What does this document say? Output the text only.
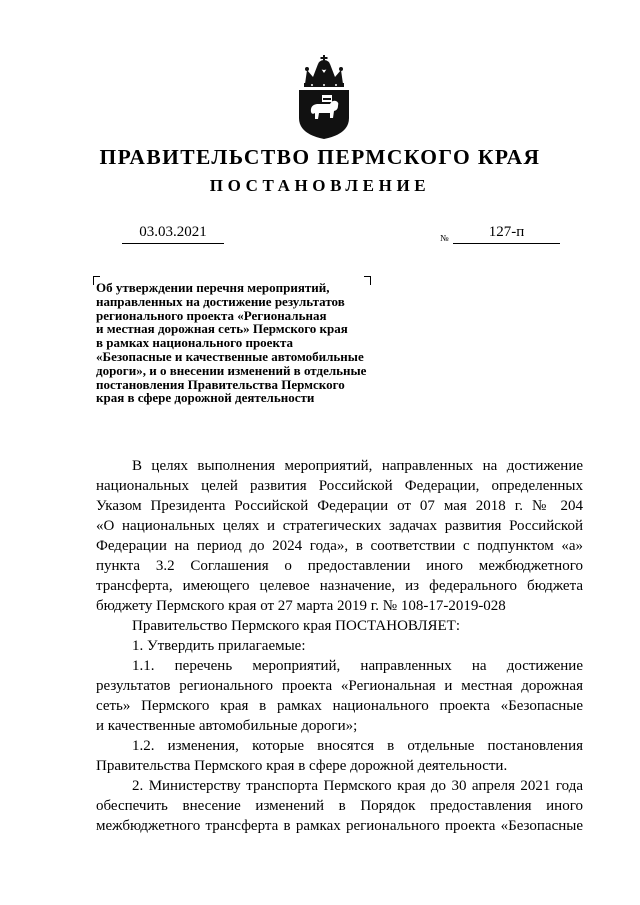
ПРАВИТЕЛЬСТВО ПЕРМСКОГО КРАЯ
ПОСТАНОВЛЕНИЕ
03.03.2021	№	127-п
Об утверждении перечня мероприятий,
направленных на достижение результатов
регионального проекта «Региональная
и местная дорожная сеть» Пермского края
в рамках национального проекта
«Безопасные и качественные автомобильные
дороги», и о внесении изменений в отдельные
постановления Правительства Пермского
края в сфере дорожной деятельности

В целях выполнения мероприятий, направленных на достижение

национальных целей развития Российской Федерации, определенных

Указом Президента Российской Федерации от 07 мая 2018 г. № 204

«О национальных целях и стратегических задачах развития Российской

Федерации на период до 2024 года», в соответствии с подпунктом «а»

пункта 3.2 Соглашения о предоставлении иного межбюджетного

трансферта, имеющего целевое назначение, из федерального бюджета

бюджету Пермского края от 27 марта 2019 г. № 108-17-2019-028

Правительство Пермского края ПОСТАНОВЛЯЕТ:

1. Утвердить прилагаемые:

1.1. перечень мероприятий, направленных на достижение

результатов регионального проекта «Региональная и местная дорожная

сеть» Пермского края в рамках национального проекта «Безопасные

и качественные автомобильные дороги»;

1.2. изменения, которые вносятся в отдельные постановления

Правительства Пермского края в сфере дорожной деятельности.

2. Министерству транспорта Пермского края до 30 апреля 2021 года

обеспечить внесение изменений в Порядок предоставления иного

межбюджетного трансферта в рамках регионального проекта «Безопасные
